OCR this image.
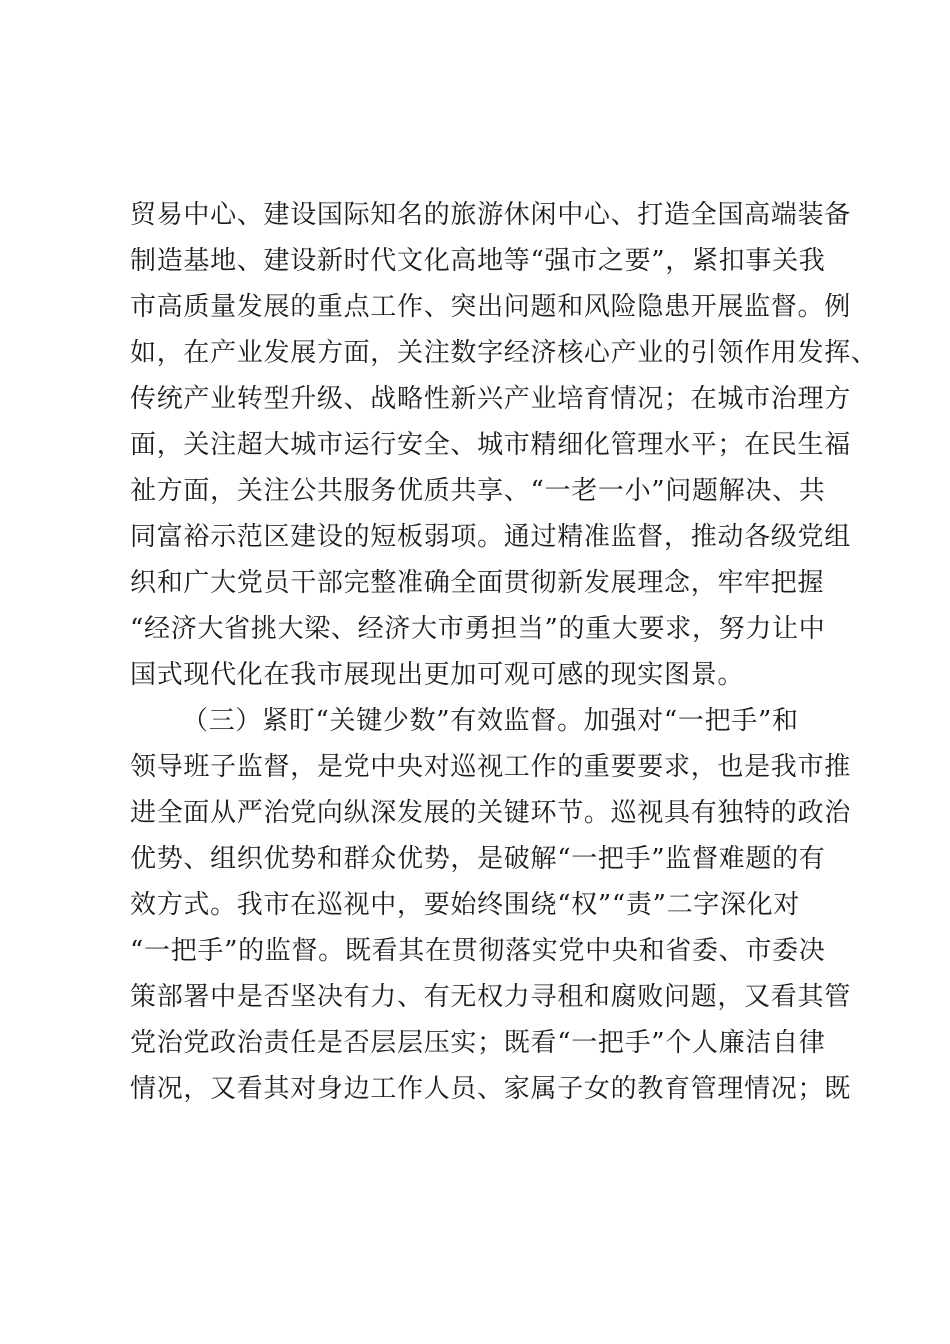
贸易中心、建设国际知名的旅游休闲中心、打造全国高端装备
制造基地、建设新时代文化高地等“强市之要”，紧扣事关我
市高质量发展的重点工作、突出问题和风险隐患开展监督。例
如，在产业发展方面，关注数字经济核心产业的引领作用发挥、
传统产业转型升级、战略性新兴产业培育情况；在城市治理方
面，关注超大城市运行安全、城市精细化管理水平；在民生福
祉方面，关注公共服务优质共享、“一老一小”问题解决、共
同富裕示范区建设的短板弱项。通过精准监督，推动各级党组
织和广大党员干部完整准确全面贯彻新发展理念，牢牢把握
“经济大省挑大梁、经济大市勇担当”的重大要求，努力让中
国式现代化在我市展现出更加可观可感的现实图景。
（三）紧盯“关键少数”有效监督。加强对“一把手”和
领导班子监督，是党中央对巡视工作的重要要求，也是我市推
进全面从严治党向纵深发展的关键环节。巡视具有独特的政治
优势、组织优势和群众优势，是破解“一把手”监督难题的有
效方式。我市在巡视中，要始终围绕“权”“责”二字深化对
“一把手”的监督。既看其在贯彻落实党中央和省委、市委决
策部署中是否坚决有力、有无权力寻租和腐败问题，又看其管
党治党政治责任是否层层压实；既看“一把手”个人廉洁自律
情况，又看其对身边工作人员、家属子女的教育管理情况；既
